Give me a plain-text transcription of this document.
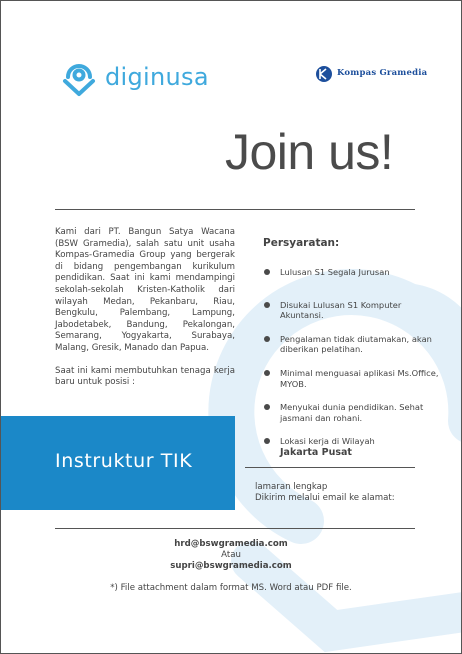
diginusa	Kompas Gramedia
Join us!

Kami dari PT. Bangun Satya Wacana (BSW Gramedia), salah satu unit usaha Kompas-Gramedia Group yang bergerak di bidang pengembangan kurikulum pendidikan. Saat ini kami mendampingi sekolah-sekolah Kristen-Katholik dari wilayah Medan, Pekanbaru, Riau, Bengkulu, Palembang, Lampung, Jabodetabek, Bandung, Pekalongan, Semarang, Yogyakarta, Surabaya, Malang, Gresik, Manado dan Papua.

Saat ini kami membutuhkan tenaga kerja baru untuk posisi :

Instruktur TIK
Persyaratan:
Lulusan S1 Segala Jurusan
Disukai Lulusan S1 Komputer Akuntansi.
Pengalaman tidak diutamakan, akan diberikan pelatihan.
Minimal menguasai aplikasi Ms.Office, MYOB.
Menyukai dunia pendidikan. Sehat jasmani dan rohani.
Lokasi kerja di Wilayah
Jakarta Pusat
lamaran lengkap
Dikirim melalui email ke alamat:
hrd@bswgramedia.com
Atau
supri@bswgramedia.com
*) File attachment dalam format MS. Word atau PDF file.
